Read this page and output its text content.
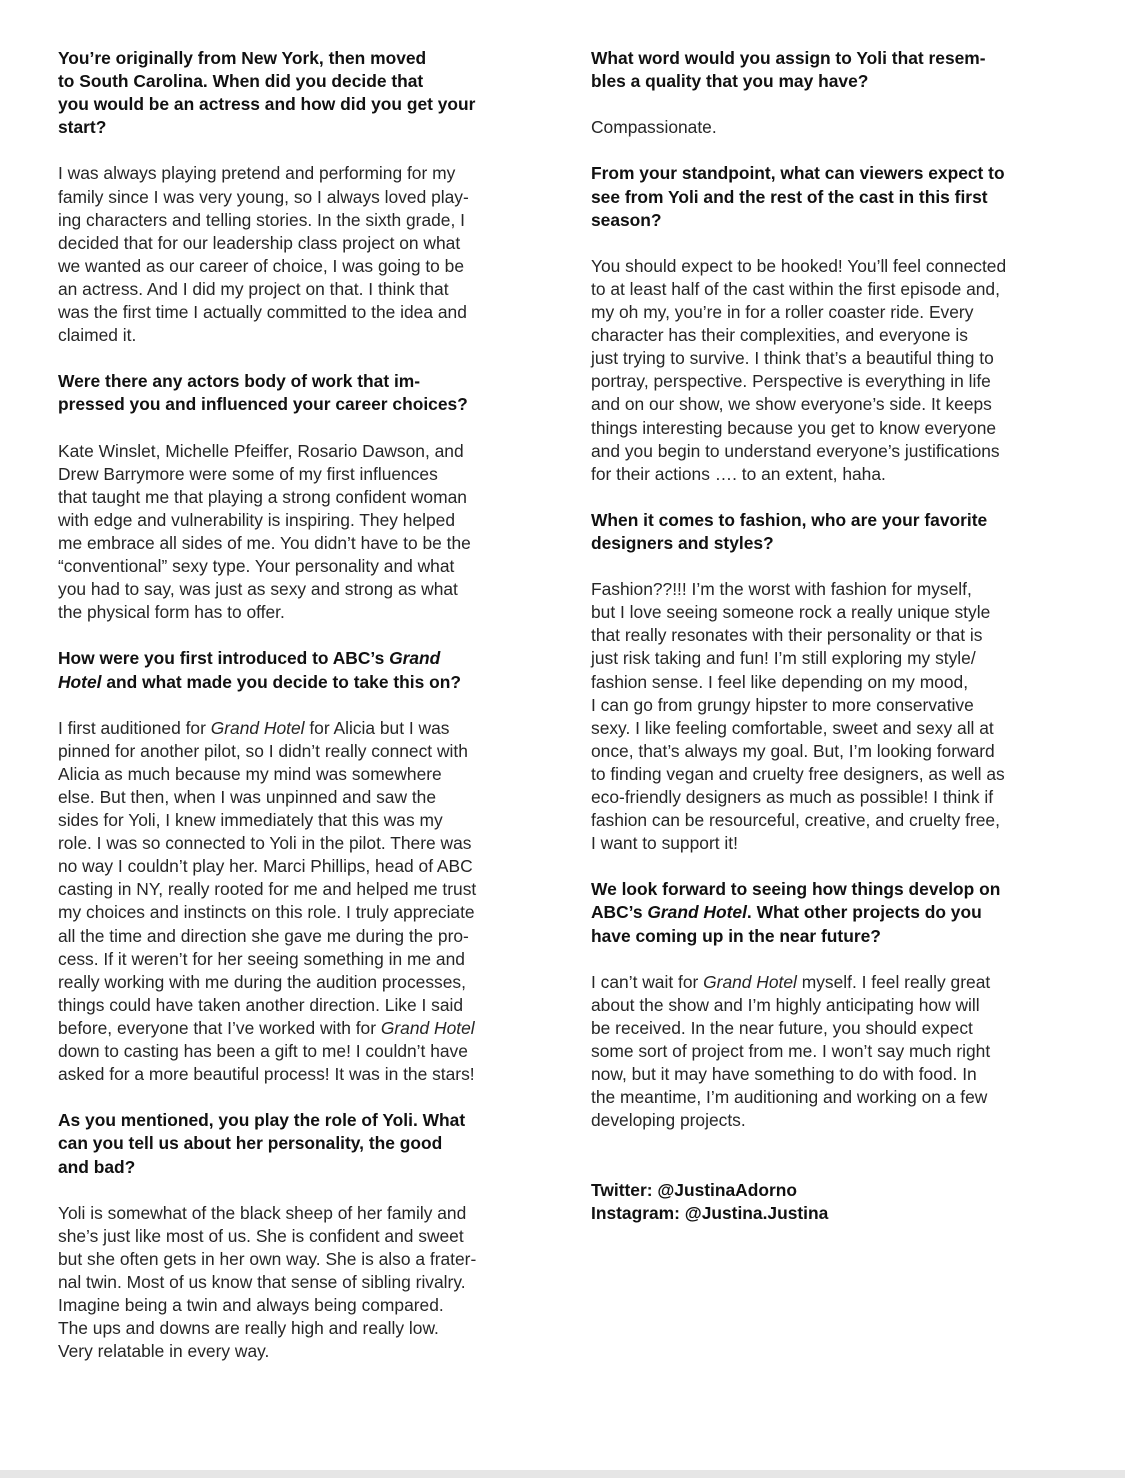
You’re originally from New York, then moved

to South Carolina. When did you decide that

you would be an actress and how did you get your

start?

I was always playing pretend and performing for my

family since I was very young, so I always loved play-

ing characters and telling stories. In the sixth grade, I

decided that for our leadership class project on what

we wanted as our career of choice, I was going to be

an actress. And I did my project on that. I think that

was the first time I actually committed to the idea and

claimed it.

Were there any actors body of work that im-

pressed you and influenced your career choices?

Kate Winslet, Michelle Pfeiffer, Rosario Dawson, and

Drew Barrymore were some of my first influences

that taught me that playing a strong confident woman

with edge and vulnerability is inspiring. They helped

me embrace all sides of me. You didn’t have to be the

“conventional” sexy type. Your personality and what

you had to say, was just as sexy and strong as what

the physical form has to offer.

How were you first introduced to ABC’s Grand

Hotel and what made you decide to take this on?

I first auditioned for Grand Hotel for Alicia but I was

pinned for another pilot, so I didn’t really connect with

Alicia as much because my mind was somewhere

else. But then, when I was unpinned and saw the

sides for Yoli, I knew immediately that this was my

role. I was so connected to Yoli in the pilot. There was

no way I couldn’t play her. Marci Phillips, head of ABC

casting in NY, really rooted for me and helped me trust

my choices and instincts on this role. I truly appreciate

all the time and direction she gave me during the pro-

cess. If it weren’t for her seeing something in me and

really working with me during the audition processes,

things could have taken another direction. Like I said

before, everyone that I’ve worked with for Grand Hotel

down to casting has been a gift to me! I couldn’t have

asked for a more beautiful process! It was in the stars!

As you mentioned, you play the role of Yoli. What

can you tell us about her personality, the good

and bad?

Yoli is somewhat of the black sheep of her family and

she’s just like most of us. She is confident and sweet

but she often gets in her own way. She is also a frater-

nal twin. Most of us know that sense of sibling rivalry.

Imagine being a twin and always being compared.

The ups and downs are really high and really low.

Very relatable in every way.

What word would you assign to Yoli that resem-

bles a quality that you may have?

Compassionate.

From your standpoint, what can viewers expect to

see from Yoli and the rest of the cast in this first

season?

You should expect to be hooked! You’ll feel connected

to at least half of the cast within the first episode and,

my oh my, you’re in for a roller coaster ride. Every

character has their complexities, and everyone is

just trying to survive. I think that’s a beautiful thing to

portray, perspective. Perspective is everything in life

and on our show, we show everyone’s side. It keeps

things interesting because you get to know everyone

and you begin to understand everyone’s justifications

for their actions …. to an extent, haha.

When it comes to fashion, who are your favorite

designers and styles?

Fashion??!!! I’m the worst with fashion for myself,

but I love seeing someone rock a really unique style

that really resonates with their personality or that is

just risk taking and fun! I’m still exploring my style/

fashion sense. I feel like depending on my mood,

I can go from grungy hipster to more conservative

sexy. I like feeling comfortable, sweet and sexy all at

once, that’s always my goal. But, I’m looking forward

to finding vegan and cruelty free designers, as well as

eco-friendly designers as much as possible! I think if

fashion can be resourceful, creative, and cruelty free,

I want to support it!

We look forward to seeing how things develop on

ABC’s Grand Hotel. What other projects do you

have coming up in the near future?

I can’t wait for Grand Hotel myself. I feel really great

about the show and I’m highly anticipating how will

be received. In the near future, you should expect

some sort of project from me. I won’t say much right

now, but it may have something to do with food. In

the meantime, I’m auditioning and working on a few

developing projects.

Twitter: @JustinaAdorno

Instagram: @Justina.Justina
